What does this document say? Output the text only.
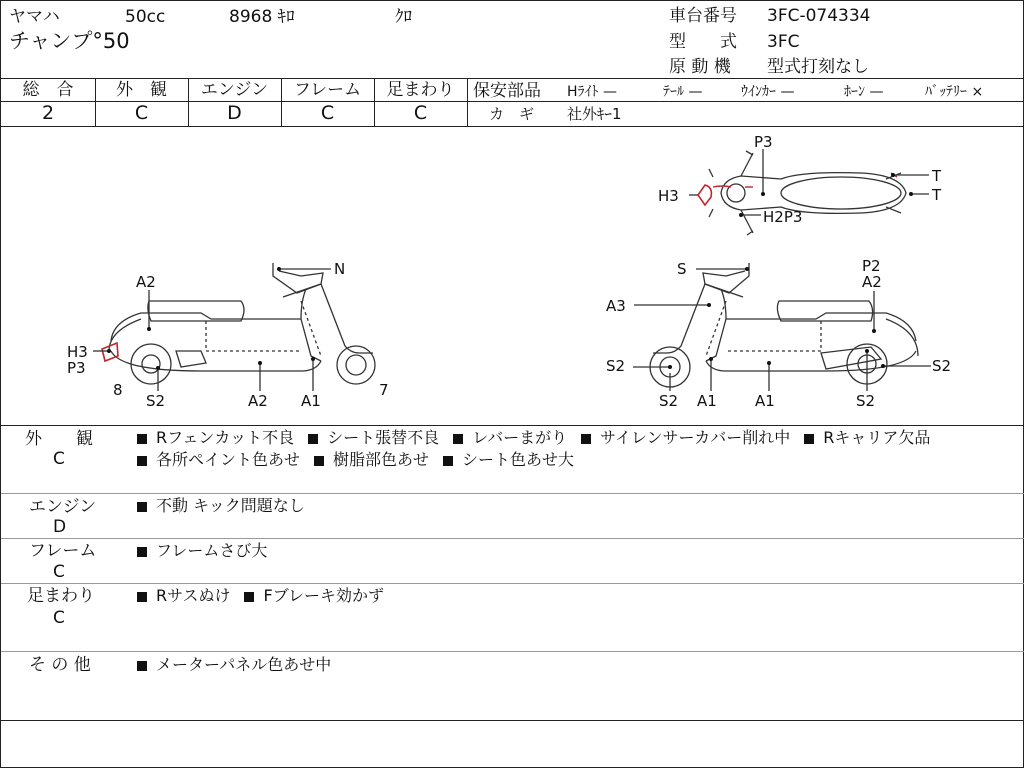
ヤマハ	50cc	8968 ｷﾛ	ｸﾛ
チャンプ°50
車台番号 3FC-074334
型　　式 3FC
原 動 機 型式打刻なし
総　合	外　観	エンジン	フレーム	足まわり
2	C	D	C	C
保安部品 Hﾗｲﾄ —	ﾃｰﾙ —	ｳｲﾝｶｰ —	ﾎｰﾝ —	ﾊﾞｯﾃﾘｰ ×
カ　ギ 社外ｷｰ1
A2
N
H3
P3
8
S2	A2 A1
7
P3
T
H3	T
H2P3
S	P2
A2
A3
S2	S2
S2 A1	A1	S2
外　　観
C
Rフェンカット不良 シート張替不良 レバーまがり サイレンサーカバー削れ中 Rキャリア欠品
各所ペイント色あせ 樹脂部色あせ シート色あせ大
エンジン
D
不動 キック問題なし
フレーム
C
フレームさび大
足まわり
C
Rサスぬけ Fブレーキ効かず
そ の 他	メーターパネル色あせ中
